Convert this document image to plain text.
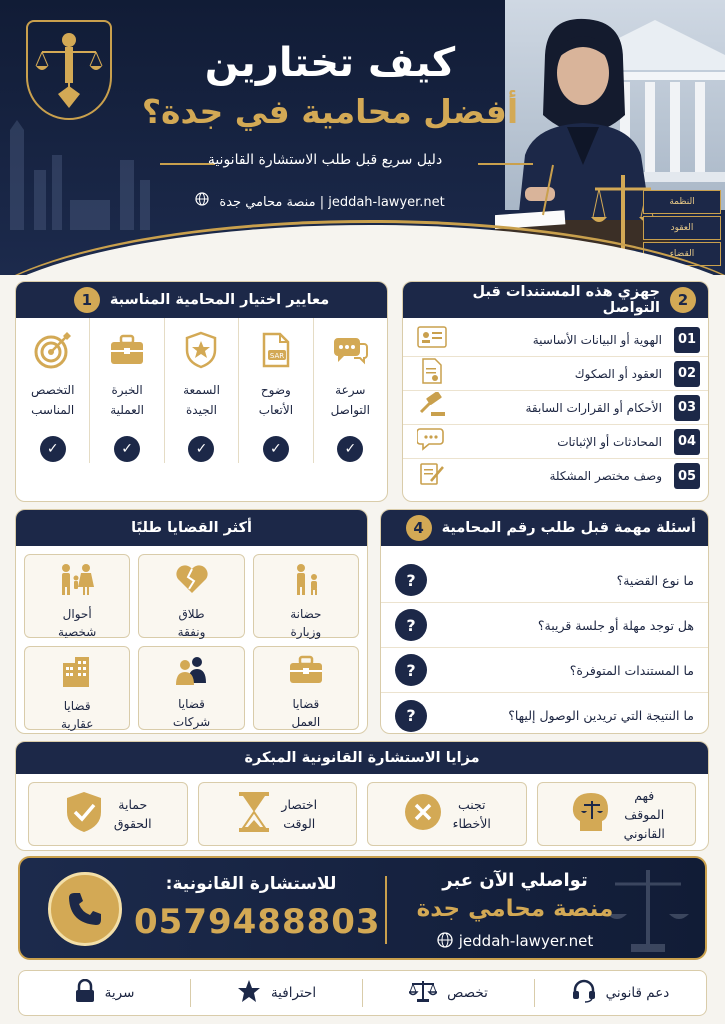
النظمة
العقود
القضاء
كيف تختارين
أفضل محامية في جدة؟
دليل سريع قبل طلب الاستشارة القانونية
jeddah-lawyer.net | منصة محامي جدة
1	معايير اختيار المحامية المناسبة
سرعة
التواصل
✓
SAR
وضوح
الأتعاب
✓
السمعة
الجيدة
✓
الخبرة
العملية
✓
التخصص
المناسب
✓
2
جهزي هذه المستندات قبل التواصل
01
الهوية أو البيانات الأساسية
02
العقود أو الصكوك
03
الأحكام أو القرارات السابقة
04
المحادثات أو الإثباتات
05
وصف مختصر المشكلة
أكثر القضايا طلبًا
حضانة
وزيارة
طلاق
ونفقة
أحوال
شخصية
قضايا
العمل
قضايا
شركات
قضايا
عقارية
4	أسئلة مهمة قبل طلب رقم المحامية
ما نوع القضية؟
?
هل توجد مهلة أو جلسة قريبة؟
?
ما المستندات المتوفرة؟
?
ما النتيجة التي تريدين الوصول إليها؟
?
مزايا الاستشارة القانونية المبكرة
فهم
الموقف
القانوني
تجنب
الأخطاء
اختصار
الوقت
حماية
الحقوق
للاستشارة القانونية:
0579488803
تواصلي الآن عبر
منصة محامي جدة
jeddah-lawyer.net
دعم قانوني
تخصص
احترافية
سرية
